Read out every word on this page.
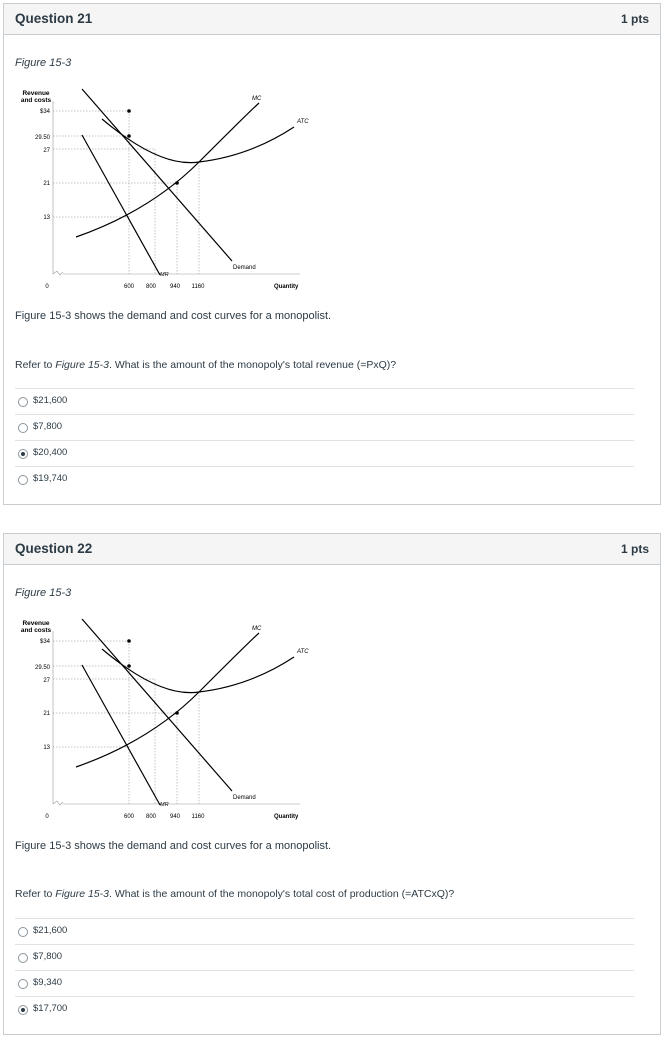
Question 21	1 pts
Figure 15-3
Revenue
and costs
$34
29.50
27
21
13
0
MC
ATC
Demand
MR
600 800 940 1160	Quantity
Figure 15-3 shows the demand and cost curves for a monopolist.
Refer to Figure 15-3. What is the amount of the monopoly's total revenue (=PxQ)?
$21,600
$7,800
$20,400
$19,740
Question 22	1 pts
Figure 15-3
Revenue
and costs
$34
29.50
27
21
13
0
MC
ATC
Demand
MR
600 800 940 1160	Quantity
Figure 15-3 shows the demand and cost curves for a monopolist.
Refer to Figure 15-3. What is the amount of the monopoly's total cost of production (=ATCxQ)?
$21,600
$7,800
$9,340
$17,700
